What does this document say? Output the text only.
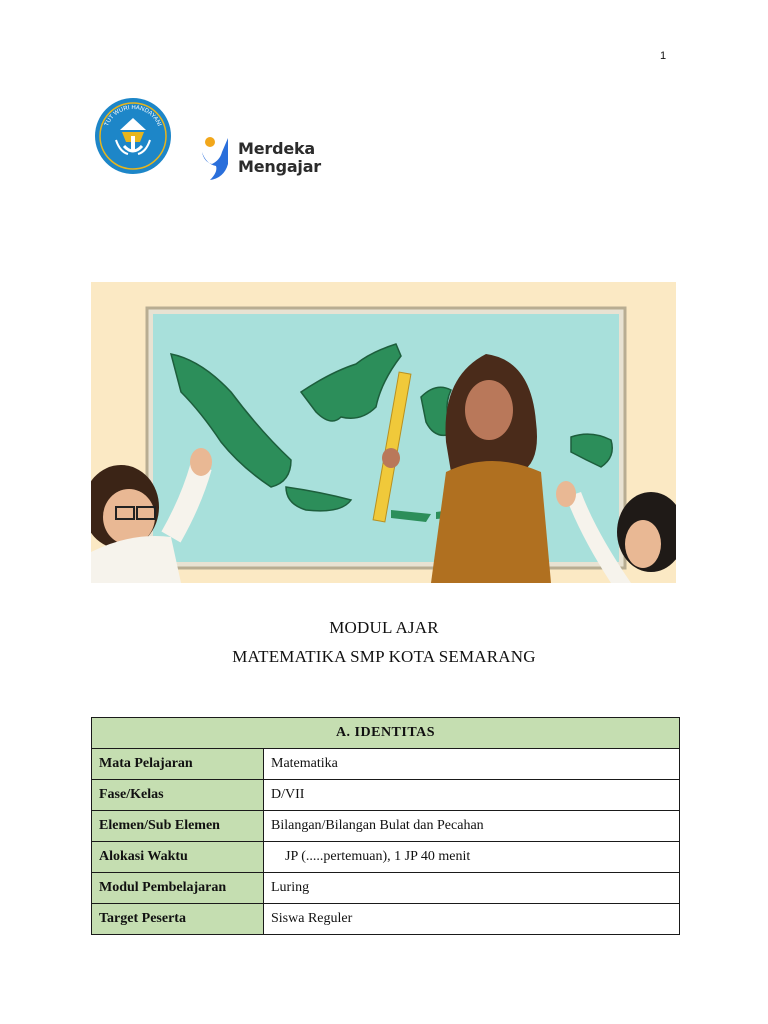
1
TUT WURI HANDAYANI
Merdeka
Mengajar
MODUL AJAR
MATEMATIKA SMP KOTA SEMARANG
A. IDENTITAS	
Mata Pelajaran	Matematika
Fase/Kelas	D/VII
Elemen/Sub Elemen	Bilangan/Bilangan Bulat dan Pecahan
Alokasi Waktu	JP (.....pertemuan), 1 JP 40 menit
Modul Pembelajaran	Luring
Target Peserta	Siswa Reguler
